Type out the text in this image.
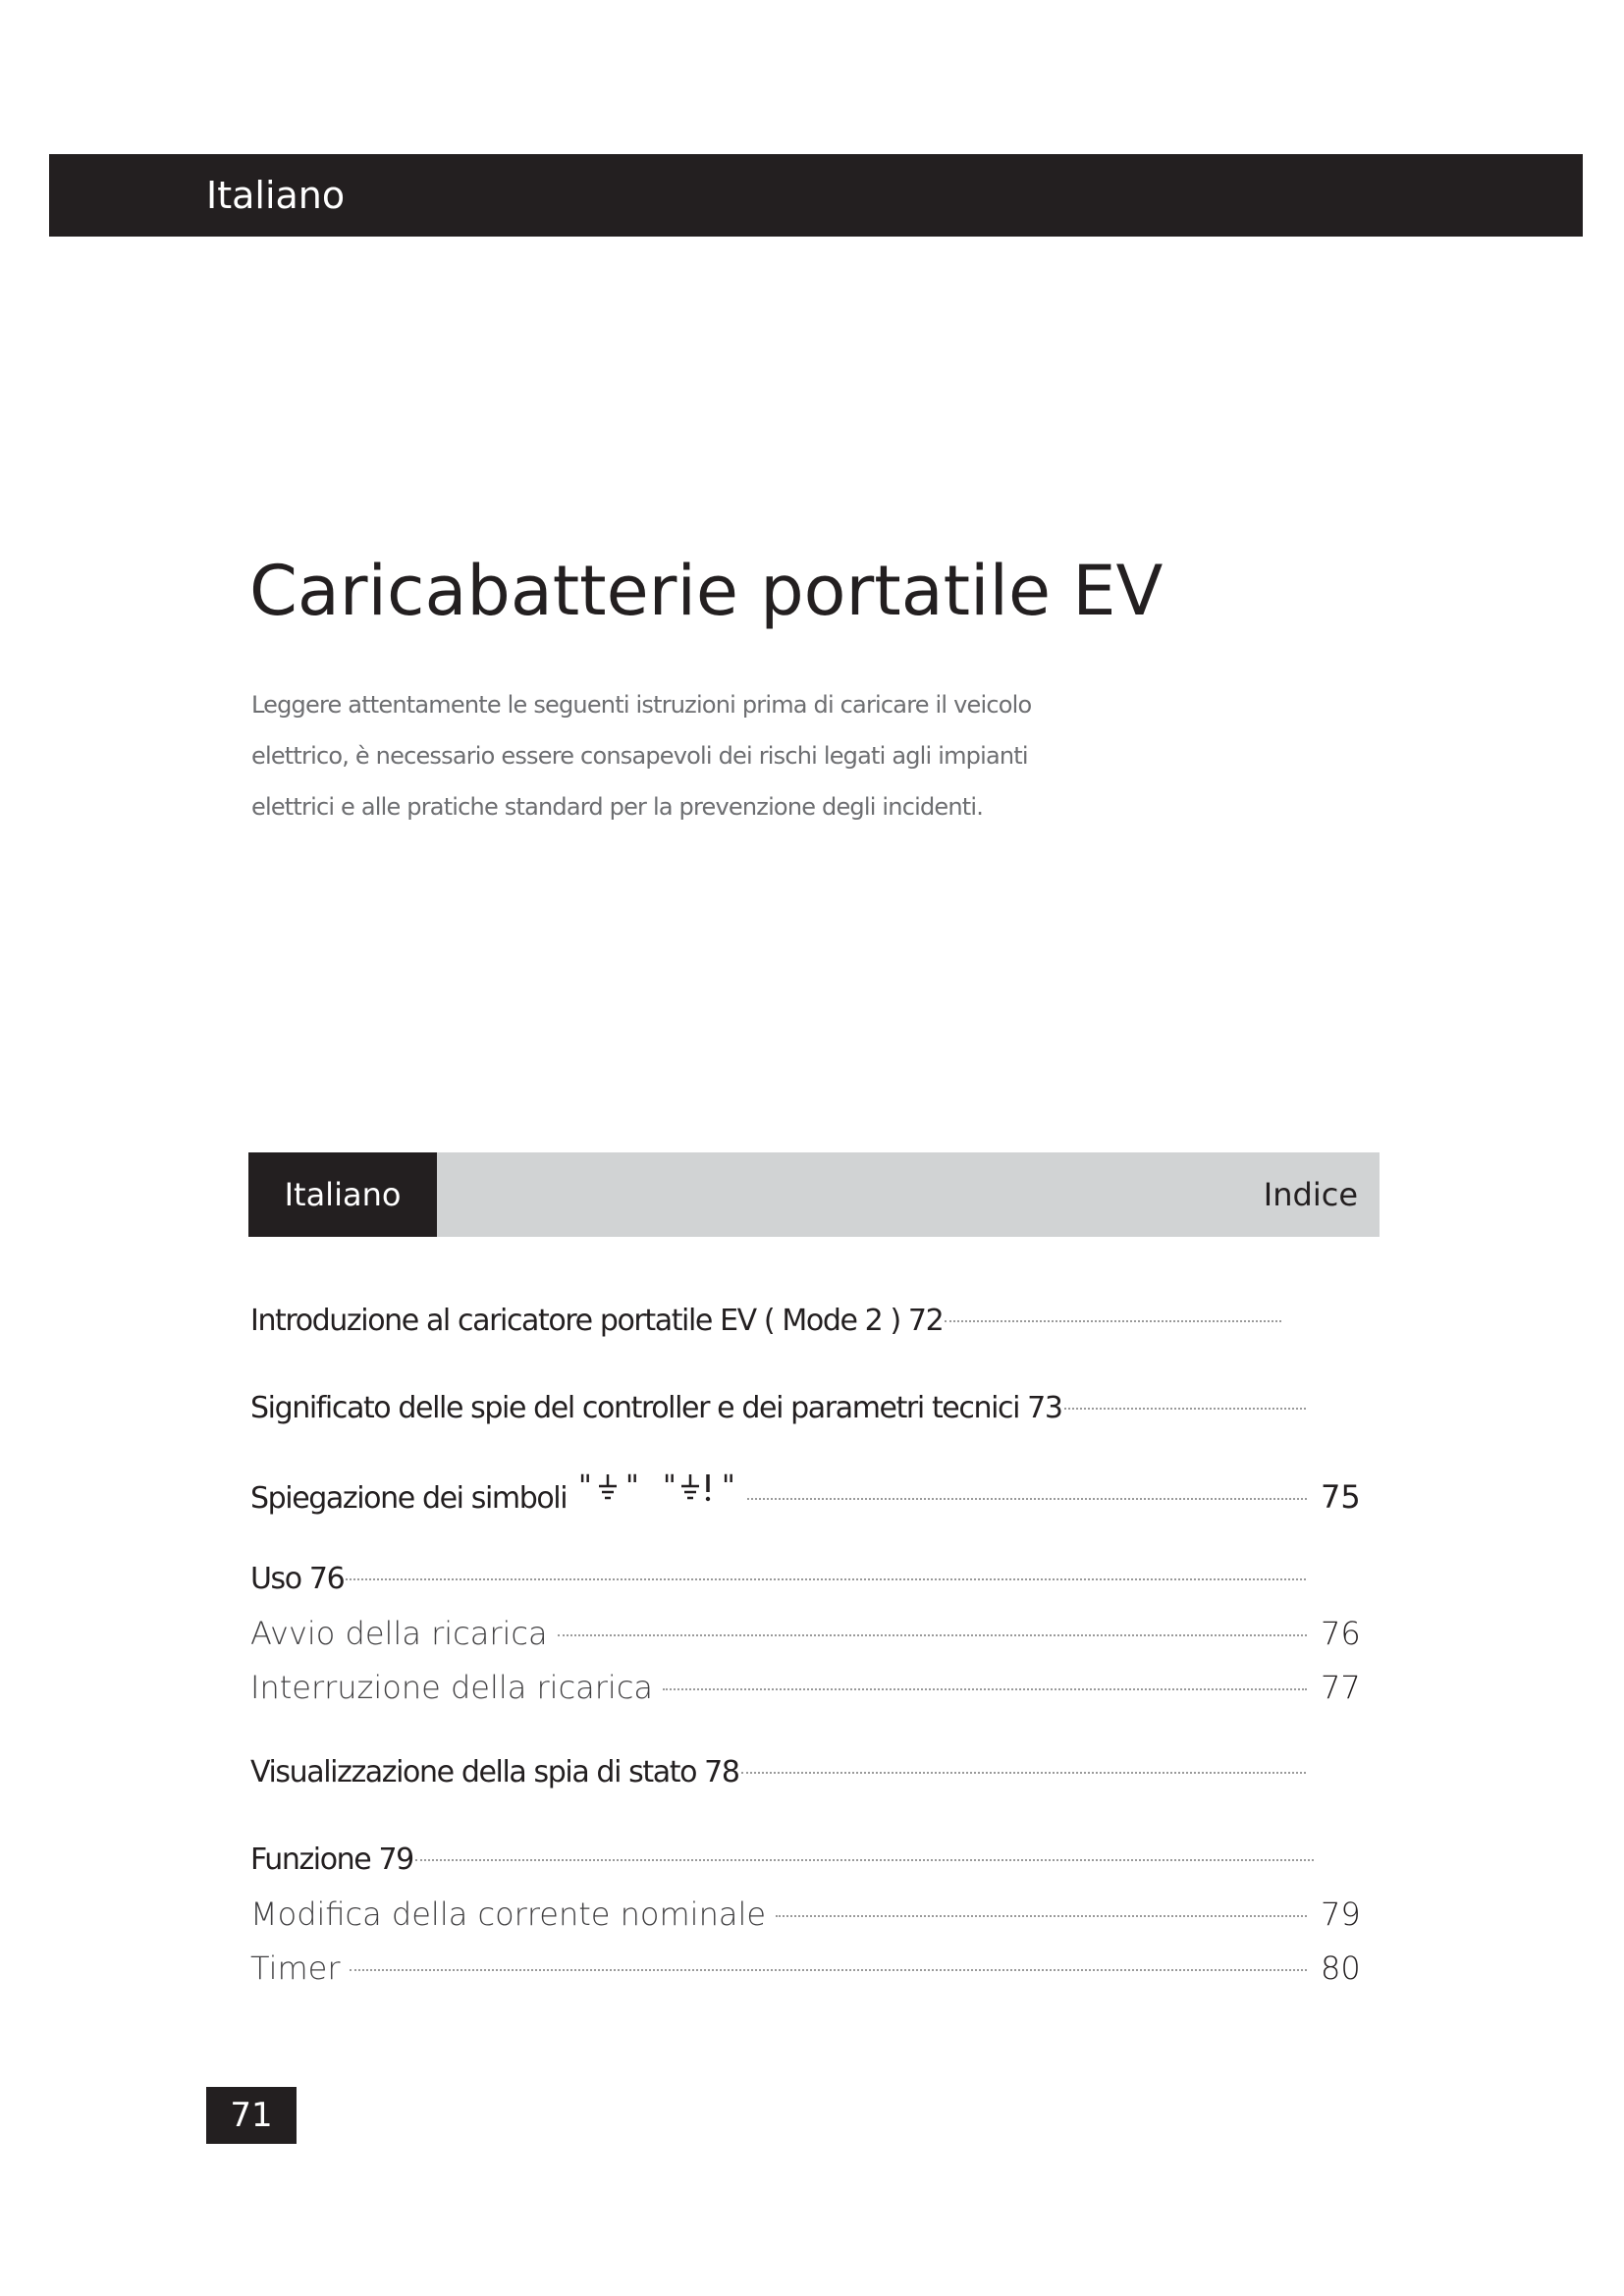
Italiano
Caricabatterie portatile EV
Leggere attentamente le seguenti istruzioni prima di caricare il veicolo
elettrico, è necessario essere consapevoli dei rischi legati agli impianti
elettrici e alle pratiche standard per la prevenzione degli incidenti.
Italiano	Indice
Introduzione al caricatore portatile EV ( Mode 2 ) 72
Significato delle spie del controller e dei parametri tecnici 73
Spiegazione dei simboli " " " "	75
Uso 76
Avvio della ricarica	76
Interruzione della ricarica	77
Visualizzazione della spia di stato 78
Funzione 79
Modifica della corrente nominale	79
Timer	80
71
